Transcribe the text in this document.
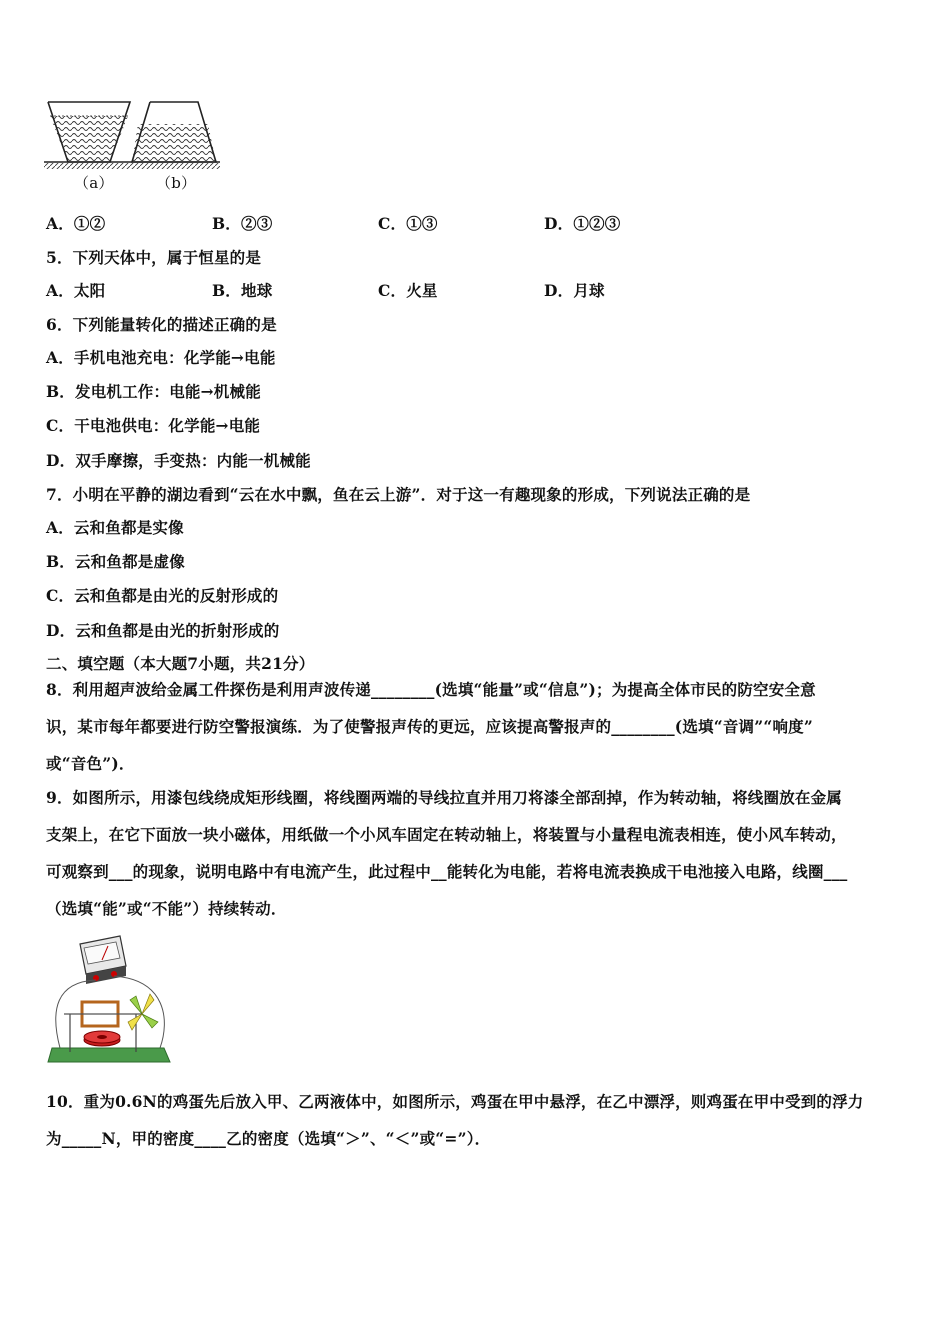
（a）	（b）
A．①②	B．②③	C．①③	D．①②③
5．下列天体中，属于恒星的是
A．太阳	B．地球	C．火星	D．月球
6．下列能量转化的描述正确的是
A．手机电池充电：化学能→电能
B．发电机工作：电能→机械能
C．干电池供电：化学能→电能
D．双手摩擦，手变热：内能一机械能
7．小明在平静的湖边看到“云在水中飘，鱼在云上游”．对于这一有趣现象的形成，下列说法正确的是
A．云和鱼都是实像
B．云和鱼都是虚像
C．云和鱼都是由光的反射形成的
D．云和鱼都是由光的折射形成的
二、填空题（本大题7小题，共21分）
8．利用超声波给金属工件探伤是利用声波传递________(选填“能量”或“信息”)；为提高全体市民的防空安全意
识，某市每年都要进行防空警报演练．为了使警报声传的更远，应该提高警报声的________(选填“音调”“响度”
或“音色”)．
9．如图所示，用漆包线绕成矩形线圈，将线圈两端的导线拉直并用刀将漆全部刮掉，作为转动轴，将线圈放在金属
支架上，在它下面放一块小磁体，用纸做一个小风车固定在转动轴上，将装置与小量程电流表相连，使小风车转动，
可观察到___的现象，说明电路中有电流产生，此过程中__能转化为电能，若将电流表换成干电池接入电路，线圈___
（选填“能”或“不能”）持续转动．
10．重为0.6N的鸡蛋先后放入甲、乙两液体中，如图所示，鸡蛋在甲中悬浮，在乙中漂浮，则鸡蛋在甲中受到的浮力
为_____N，甲的密度____乙的密度（选填“＞”、“＜”或“=”）．
